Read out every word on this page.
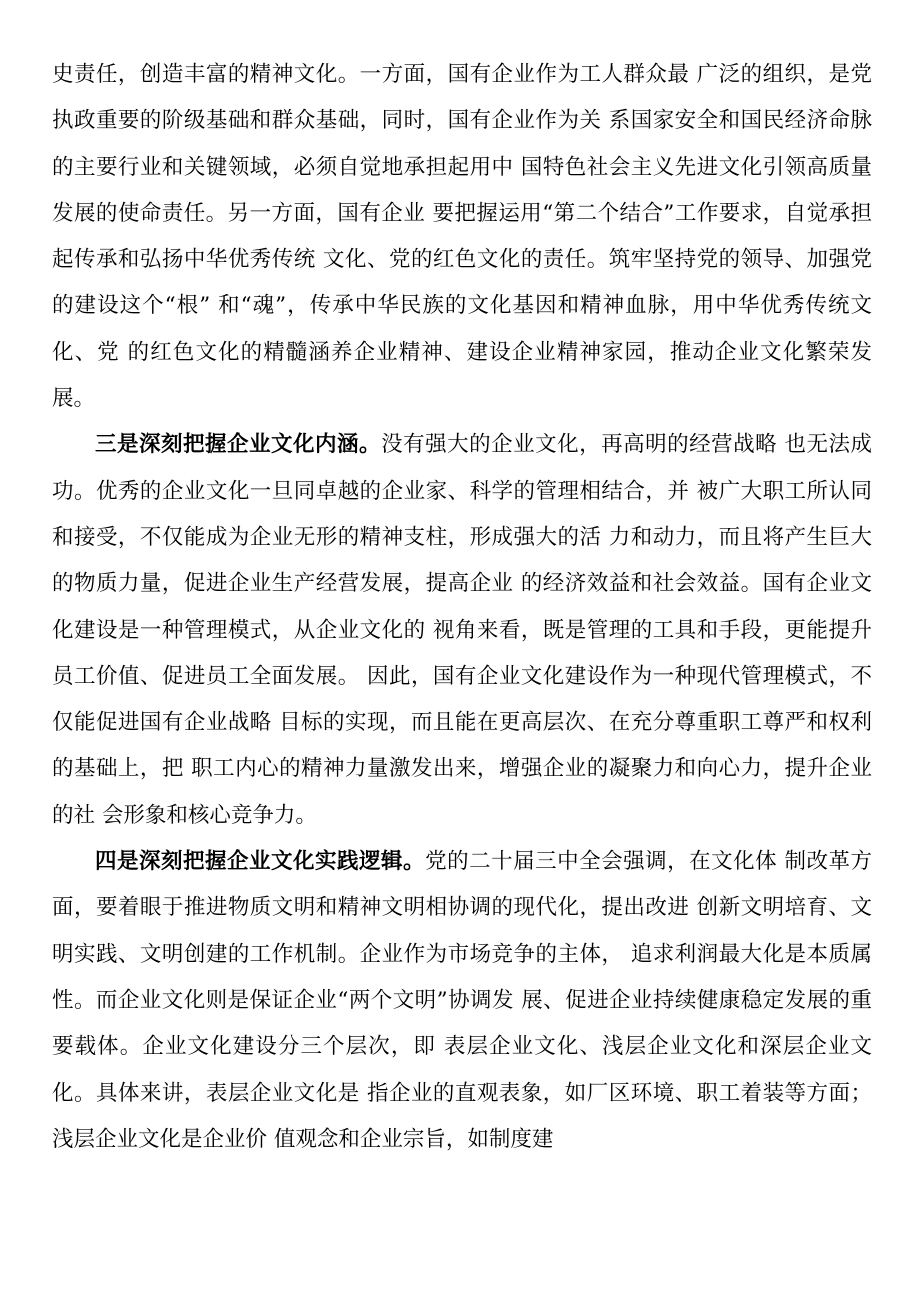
史责任，创造丰富的精神文化。一方面，国有企业作为工人群众最 广泛的组织，是党执政重要的阶级基础和群众基础，同时，国有企业作为关 系国家安全和国民经济命脉的主要行业和关键领域，必须自觉地承担起用中 国特色社会主义先进文化引领高质量发展的使命责任。另一方面，国有企业 要把握运用“第二个结合”工作要求，自觉承担起传承和弘扬中华优秀传统 文化、党的红色文化的责任。筑牢坚持党的领导、加强党的建设这个“根” 和“魂”，传承中华民族的文化基因和精神血脉，用中华优秀传统文化、党 的红色文化的精髓涵养企业精神、建设企业精神家园，推动企业文化繁荣发 展。

三是深刻把握企业文化内涵。没有强大的企业文化，再高明的经营战略 也无法成功。优秀的企业文化一旦同卓越的企业家、科学的管理相结合，并 被广大职工所认同和接受，不仅能成为企业无形的精神支柱，形成强大的活 力和动力，而且将产生巨大的物质力量，促进企业生产经营发展，提高企业 的经济效益和社会效益。国有企业文化建设是一种管理模式，从企业文化的 视角来看，既是管理的工具和手段，更能提升员工价值、促进员工全面发展。 因此，国有企业文化建设作为一种现代管理模式，不仅能促进国有企业战略 目标的实现，而且能在更高层次、在充分尊重职工尊严和权利的基础上，把 职工内心的精神力量激发出来，增强企业的凝聚力和向心力，提升企业的社 会形象和核心竞争力。

四是深刻把握企业文化实践逻辑。党的二十届三中全会强调，在文化体 制改革方面，要着眼于推进物质文明和精神文明相协调的现代化，提出改进 创新文明培育、文明实践、文明创建的工作机制。企业作为市场竞争的主体， 追求利润最大化是本质属性。而企业文化则是保证企业“两个文明”协调发 展、促进企业持续健康稳定发展的重要载体。企业文化建设分三个层次，即 表层企业文化、浅层企业文化和深层企业文化。具体来讲，表层企业文化是 指企业的直观表象，如厂区环境、职工着装等方面；浅层企业文化是企业价 值观念和企业宗旨，如制度建
